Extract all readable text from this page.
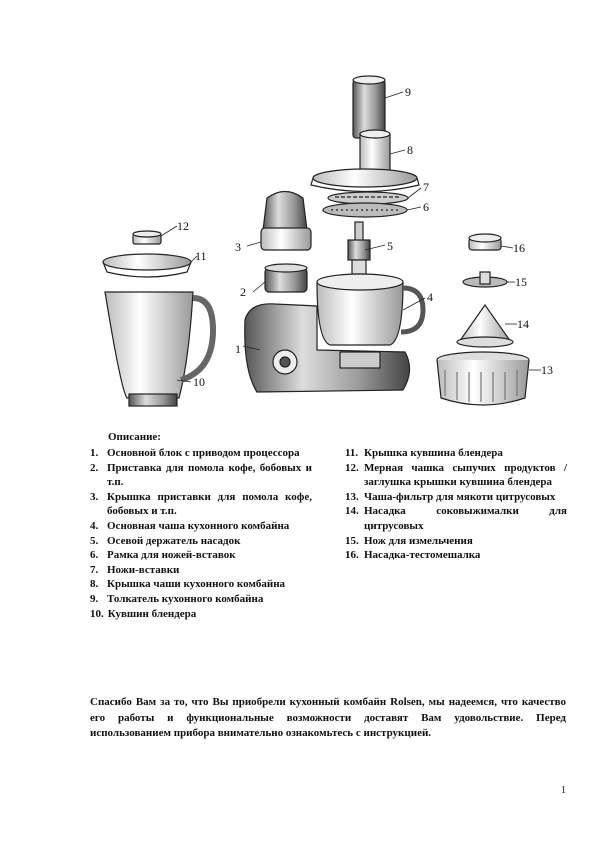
1
2
3
4
5
6
7
8
9
10
11
12
13
14
15
16
Описание:
1. Основной блок с приводом процессора
2. Приставка для помола кофе, бобовых и т.п.
3. Крышка приставки для помола кофе, бобовых и т.п.
4. Основная чаша кухонного комбайна
5. Осевой держатель насадок
6. Рамка для ножей-вставок
7. Ножи-вставки
8. Крышка чаши кухонного комбайна
9. Толкатель кухонного комбайна
10. Кувшин блендера
11. Крышка кувшина блендера
12. Мерная чашка сыпучих продуктов / заглушка крышки кувшина блендера
13. Чаша-фильтр для мякоти цитрусовых
14. Насадка соковыжималки для цитрусовых
15. Нож для измельчения
16. Насадка-тестомешалка

Спасибо Вам за то, что Вы приобрели кухонный комбайн Rolsen, мы надеемся, что качество его работы и функциональные возможности доставят Вам удовольствие. Перед использованием прибора внимательно ознакомьтесь с инструкцией.

1
